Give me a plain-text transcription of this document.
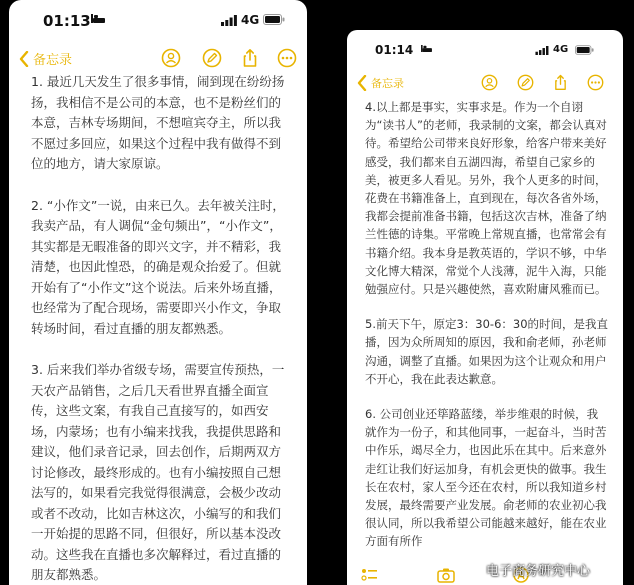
01:13	4G
备忘录

1. 最近几天发生了很多事情，闹到现在纷纷扬扬，我相信不是公司的本意，也不是粉丝们的本意，吉林专场期间，不想喧宾夺主，所以我不愿过多回应，如果这个过程中我有做得不到位的地方，请大家原谅。

2. “小作文”一说，由来已久。去年被关注时，我卖产品，有人调侃“金句频出”，“小作文”，其实都是无暇准备的即兴文字，并不精彩，我清楚，也因此惶恐，的确是观众抬爱了。但就开始有了“小作文”这个说法。后来外场直播，也经常为了配合现场，需要即兴小作文，争取转场时间，看过直播的朋友都熟悉。

3. 后来我们举办省级专场，需要宣传预热，一天农产品销售，之后几天看世界直播全面宣传，这些文案，有我自己直接写的，如西安场，内蒙场；也有小编来找我，我提供思路和建议，他们录音记录，回去创作，后期两双方讨论修改，最终形成的。也有小编按照自己想法写的，如果看完我觉得很满意，会极少改动或者不改动，比如吉林这次，小编写的和我们一开始提的思路不同，但很好，所以基本没改动。这些我在直播也多次解释过，看过直播的朋友都熟悉。

01:14	4G
备忘录

4.以上都是事实，实事求是。作为一个自诩为“读书人”的老师，我录制的文案，都会认真对待。希望给公司带来良好形象，给客户带来美好感受，我们都来自五湖四海，希望自己家乡的美，被更多人看见。另外，我个人更多的时间，花费在书籍准备上，直到现在，每次各省外场，我都会提前准备书籍，包括这次吉林，准备了纳兰性德的诗集。平常晚上常规直播，也常常会有书籍介绍。我本身是教英语的，学识不够，中华文化博大精深，常觉个人浅薄，泥牛入海，只能勉强应付。只是兴趣使然，喜欢附庸风雅而已。

5.前天下午，原定3：30-6：30的时间，是我直播，因为众所周知的原因，我和俞老师，孙老师沟通，调整了直播。如果因为这个让观众和用户不开心，我在此表达歉意。

6. 公司创业还筚路蓝缕，举步维艰的时候，我就作为一份子，和其他同事，一起奋斗，当时苦中作乐，竭尽全力，也因此乐在其中。后来意外走红让我们好运加身，有机会更快的做事。我生长在农村，家人至今还在农村，所以我知道乡村发展，最终需要产业发展。俞老师的农业初心我很认同，所以我希望公司能越来越好，能在农业方面有所作

电子商务研究中心
